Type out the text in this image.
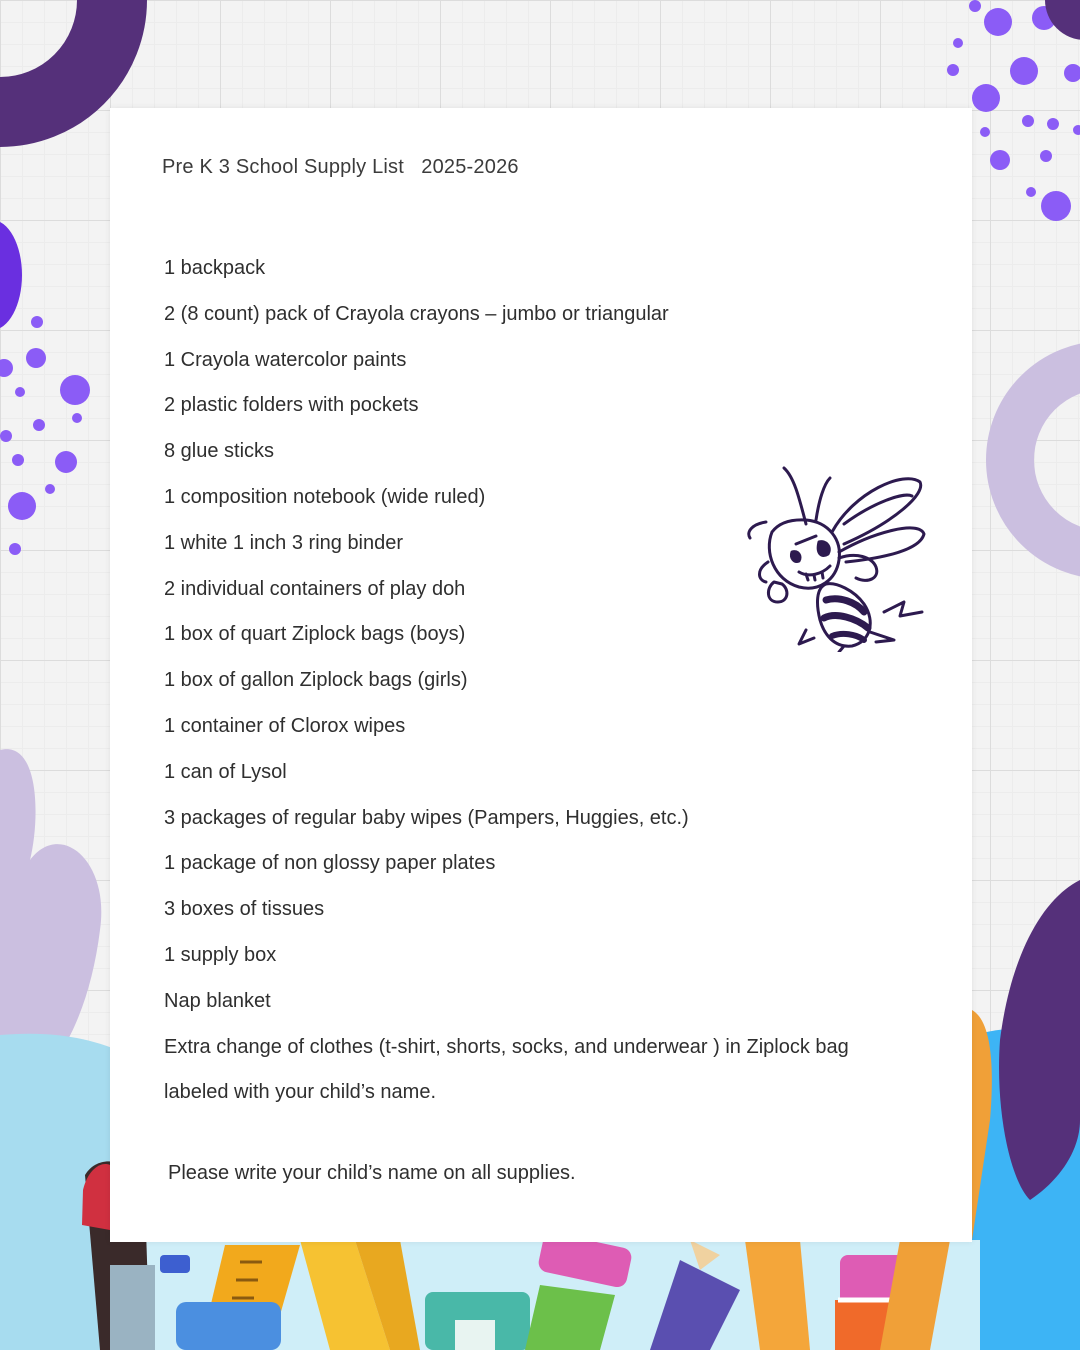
Pre K 3 School Supply List   2025-2026
1 backpack
2 (8 count) pack of Crayola crayons – jumbo or triangular
1 Crayola watercolor paints
2 plastic folders with pockets
8 glue sticks
1 composition notebook (wide ruled)
1 white 1 inch 3 ring binder
2 individual containers of play doh
1 box of quart Ziplock bags (boys)
1 box of gallon Ziplock bags (girls)
1 container of Clorox wipes
1 can of Lysol
3 packages of regular baby wipes (Pampers, Huggies, etc.)
1 package of non glossy paper plates
3 boxes of tissues
1 supply box
Nap blanket
Extra change of clothes (t-shirt, shorts, socks, and underwear ) in Ziplock bag
labeled with your child’s name.
Please write your child’s name on all supplies.
